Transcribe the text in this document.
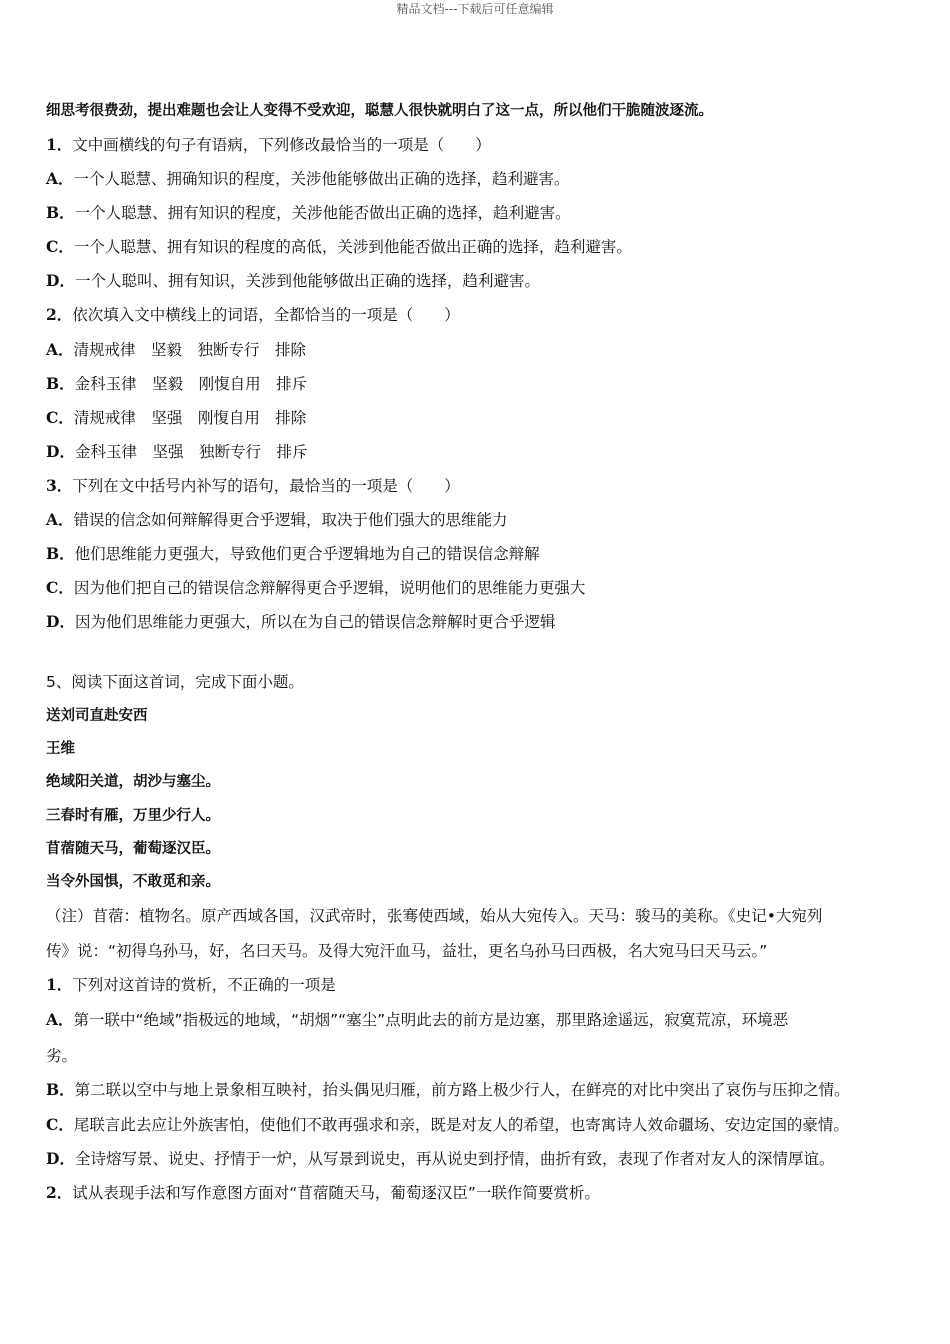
精品文档---下载后可任意编辑
细思考很费劲，提出难题也会让人变得不受欢迎，聪慧人很快就明白了这一点，所以他们干脆随波逐流。
1．文中画横线的句子有语病，下列修改最恰当的一项是（　　）
A．一个人聪慧、拥确知识的程度，关涉他能够做出正确的选择，趋利避害。
B．一个人聪慧、拥有知识的程度，关涉他能否做出正确的选择，趋利避害。
C．一个人聪慧、拥有知识的程度的高低，关涉到他能否做出正确的选择，趋利避害。
D．一个人聪叫、拥有知识，关涉到他能够做出正确的选择，趋利避害。
2．依次填入文中横线上的词语，全都恰当的一项是（　　）
A．清规戒律　坚毅　独断专行　排除
B．金科玉律　坚毅　刚愎自用　排斥
C．清规戒律　坚强　刚愎自用　排除
D．金科玉律　坚强　独断专行　排斥
3．下列在文中括号内补写的语句，最恰当的一项是（　　）
A．错误的信念如何辩解得更合乎逻辑，取决于他们强大的思维能力
B．他们思维能力更强大，导致他们更合乎逻辑地为自己的错误信念辩解
C．因为他们把自己的错误信念辩解得更合乎逻辑，说明他们的思维能力更强大
D．因为他们思维能力更强大，所以在为自己的错误信念辩解时更合乎逻辑
5、阅读下面这首词，完成下面小题。
送刘司直赴安西
王维
绝域阳关道，胡沙与塞尘。
三春时有雁，万里少行人。
苜蓿随天马，葡萄逐汉臣。
当令外国惧，不敢觅和亲。
（注）苜蓿：植物名。原产西域各国，汉武帝时，张骞使西域，始从大宛传入。天马：骏马的美称。《史记•大宛列
传》说：“初得乌孙马，好，名曰天马。及得大宛汗血马，益壮，更名乌孙马曰西极，名大宛马曰天马云。”
1．下列对这首诗的赏析，不正确的一项是
A．第一联中“绝域”指极远的地域，“胡烟”“塞尘”点明此去的前方是边塞，那里路途遥远，寂寞荒凉，环境恶
劣。
B．第二联以空中与地上景象相互映衬，抬头偶见归雁，前方路上极少行人，在鲜亮的对比中突出了哀伤与压抑之情。
C．尾联言此去应让外族害怕，使他们不敢再强求和亲，既是对友人的希望，也寄寓诗人效命疆场、安边定国的豪情。
D．全诗熔写景、说史、抒情于一炉，从写景到说史，再从说史到抒情，曲折有致，表现了作者对友人的深情厚谊。
2．试从表现手法和写作意图方面对“苜蓿随天马，葡萄逐汉臣”一联作简要赏析。
